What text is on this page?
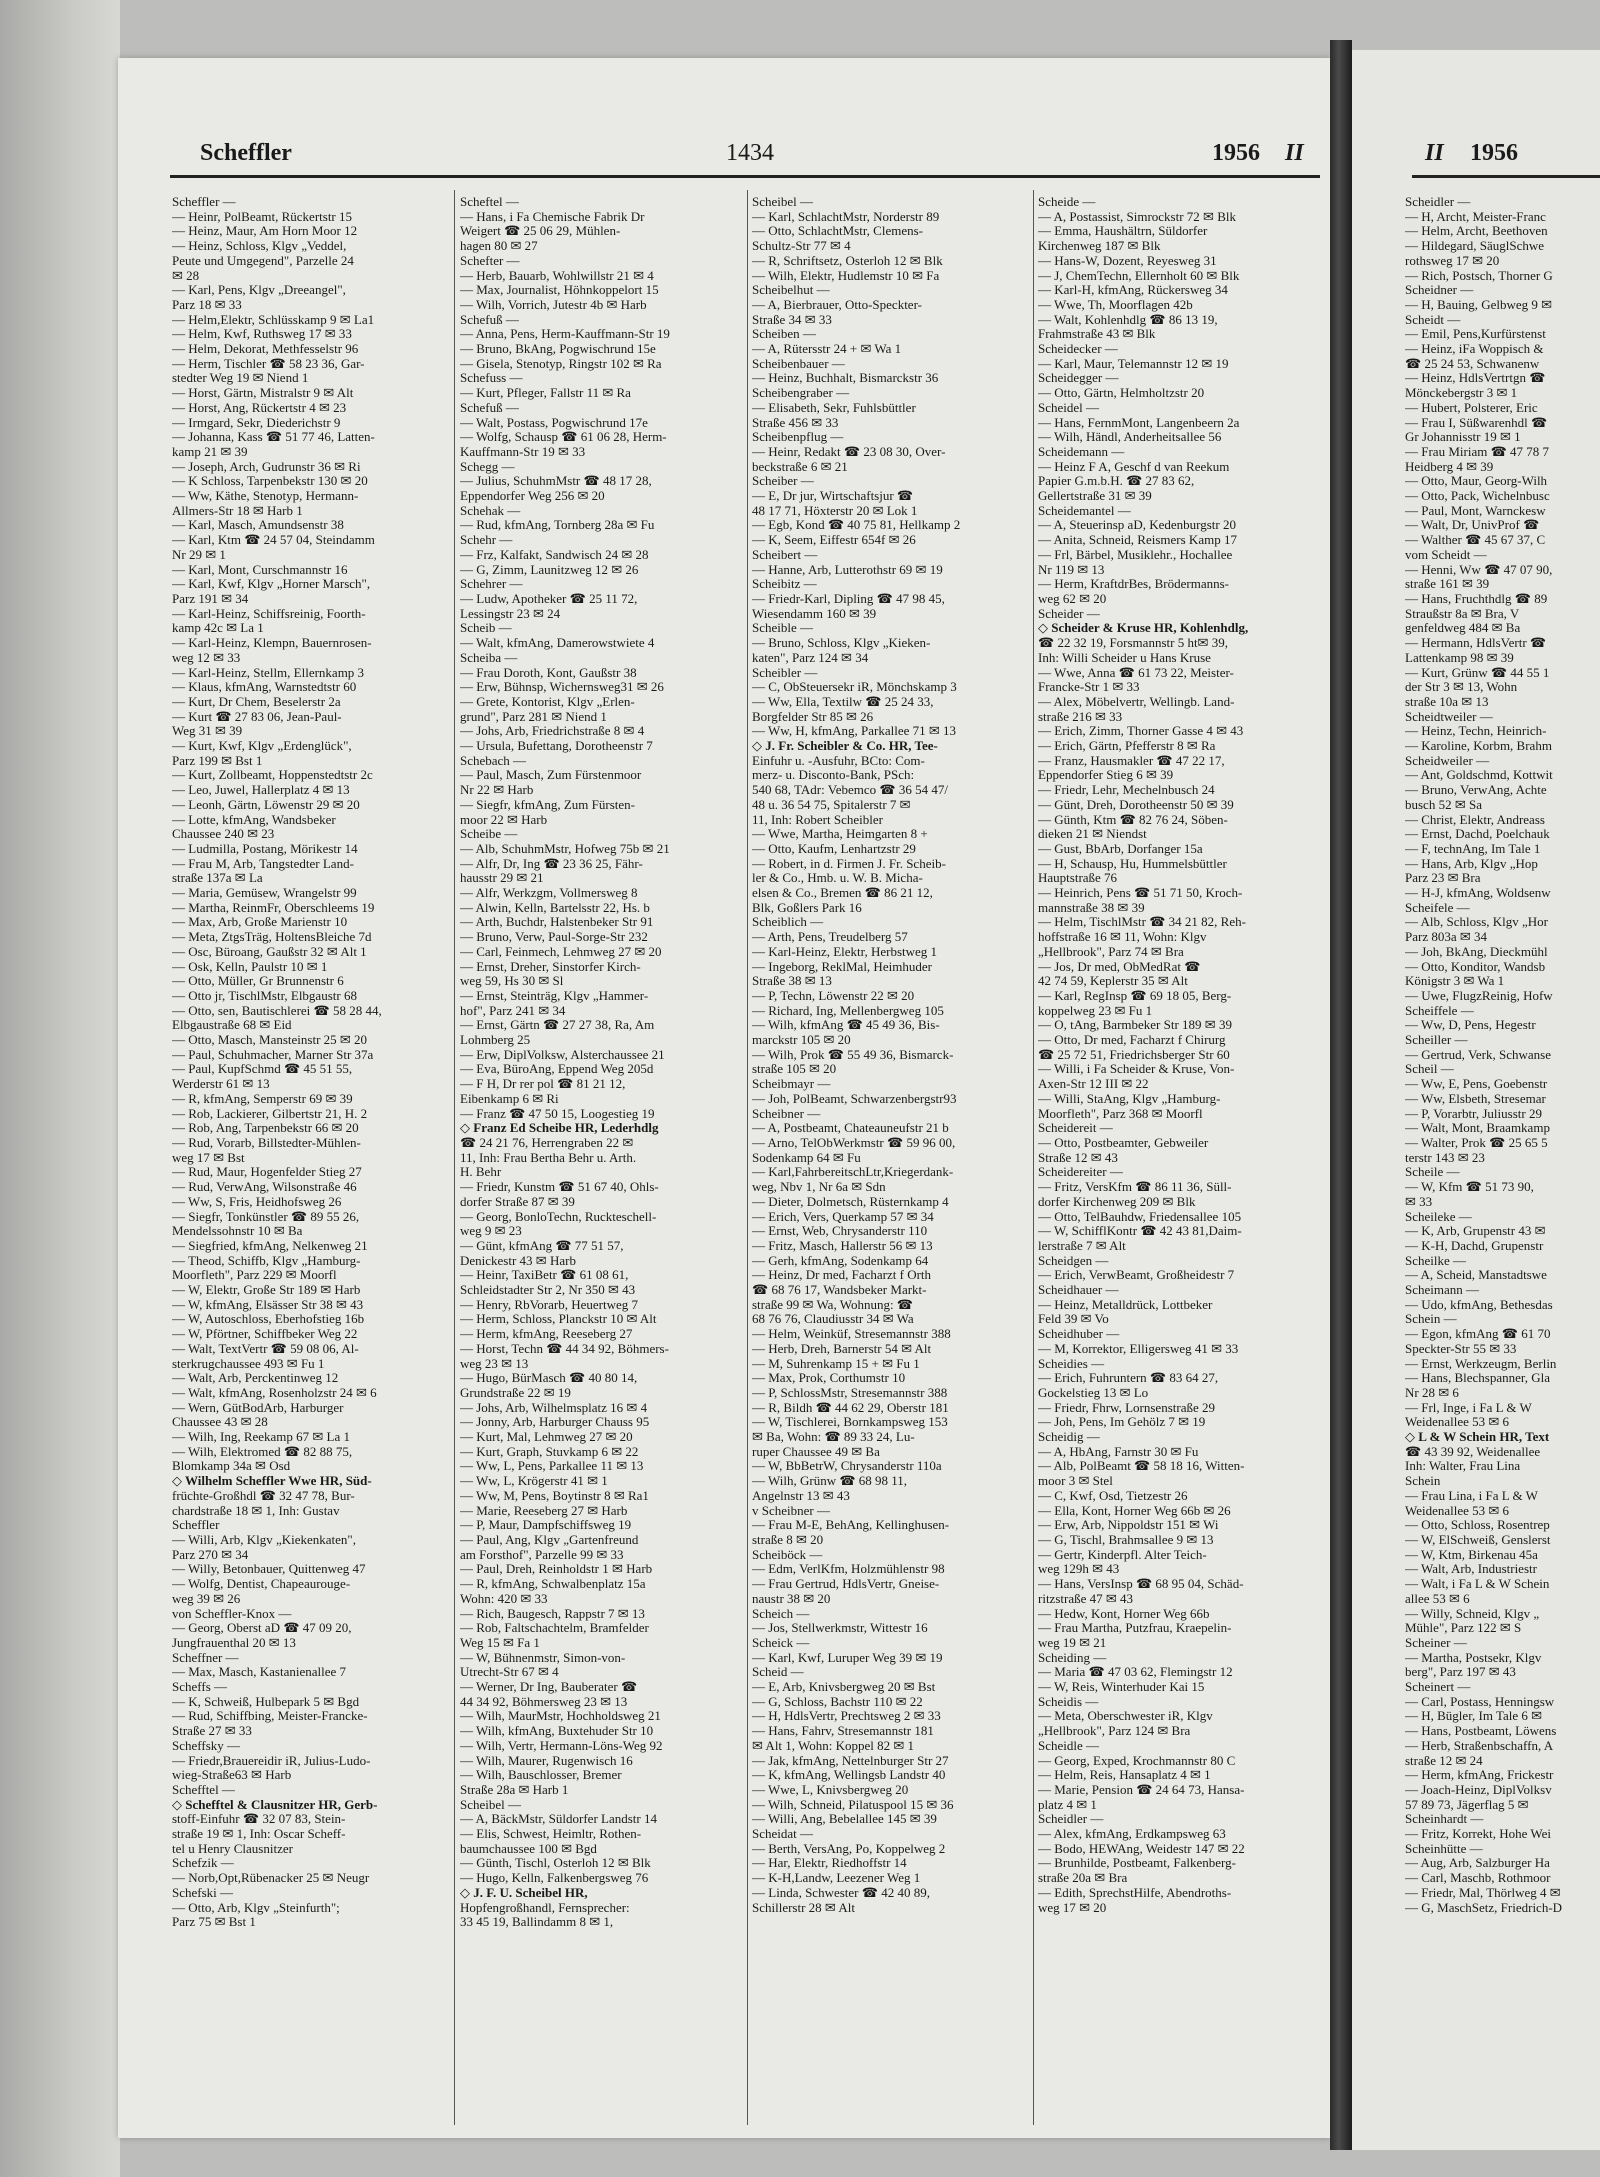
Scheffler	1434	1956 II	II 1956
Scheffler —
— Heinr, PolBeamt, Rückertstr 15
— Heinz, Maur, Am Horn Moor 12
— Heinz, Schloss, Klgv „Veddel,
Peute und Umgegend", Parzelle 24
✉ 28
— Karl, Pens, Klgv „Dreeangel",
Parz 18 ✉ 33
— Helm,Elektr, Schlüsskamp 9 ✉ La1
— Helm, Kwf, Ruthsweg 17 ✉ 33
— Helm, Dekorat, Methfesselstr 96
— Herm, Tischler ☎ 58 23 36, Gar-
stedter Weg 19 ✉ Niend 1
— Horst, Gärtn, Mistralstr 9 ✉ Alt
— Horst, Ang, Rückertstr 4 ✉ 23
— Irmgard, Sekr, Diederichstr 9
— Johanna, Kass ☎ 51 77 46, Latten-
kamp 21 ✉ 39
— Joseph, Arch, Gudrunstr 36 ✉ Ri
— K Schloss, Tarpenbekstr 130 ✉ 20
— Ww, Käthe, Stenotyp, Hermann-
Allmers-Str 18 ✉ Harb 1
— Karl, Masch, Amundsenstr 38
— Karl, Ktm ☎ 24 57 04, Steindamm
Nr 29 ✉ 1
— Karl, Mont, Curschmannstr 16
— Karl, Kwf, Klgv „Horner Marsch",
Parz 191 ✉ 34
— Karl-Heinz, Schiffsreinig, Foorth-
kamp 42c ✉ La 1
— Karl-Heinz, Klempn, Bauernrosen-
weg 12 ✉ 33
— Karl-Heinz, Stellm, Ellernkamp 3
— Klaus, kfmAng, Warnstedtstr 60
— Kurt, Dr Chem, Beselerstr 2a
— Kurt ☎ 27 83 06, Jean-Paul-
Weg 31 ✉ 39
— Kurt, Kwf, Klgv „Erdenglück",
Parz 199 ✉ Bst 1
— Kurt, Zollbeamt, Hoppenstedtstr 2c
— Leo, Juwel, Hallerplatz 4 ✉ 13
— Leonh, Gärtn, Löwenstr 29 ✉ 20
— Lotte, kfmAng, Wandsbeker
Chaussee 240 ✉ 23
— Ludmilla, Postang, Mörikestr 14
— Frau M, Arb, Tangstedter Land-
straße 137a ✉ La
— Maria, Gemüsew, Wrangelstr 99
— Martha, ReinmFr, Oberschleems 19
— Max, Arb, Große Marienstr 10
— Meta, ZtgsTräg, HoltensBleiche 7d
— Osc, Büroang, Gaußstr 32 ✉ Alt 1
— Osk, Kelln, Paulstr 10 ✉ 1
— Otto, Müller, Gr Brunnenstr 6
— Otto jr, TischlMstr, Elbgaustr 68
— Otto, sen, Bautischlerei ☎ 58 28 44,
Elbgaustraße 68 ✉ Eid
— Otto, Masch, Mansteinstr 25 ✉ 20
— Paul, Schuhmacher, Marner Str 37a
— Paul, KupfSchmd ☎ 45 51 55,
Werderstr 61 ✉ 13
— R, kfmAng, Semperstr 69 ✉ 39
— Rob, Lackierer, Gilbertstr 21, H. 2
— Rob, Ang, Tarpenbekstr 66 ✉ 20
— Rud, Vorarb, Billstedter-Mühlen-
weg 17 ✉ Bst
— Rud, Maur, Hogenfelder Stieg 27
— Rud, VerwAng, Wilsonstraße 46
— Ww, S, Fris, Heidhofsweg 26
— Siegfr, Tonkünstler ☎ 89 55 26,
Mendelssohnstr 10 ✉ Ba
— Siegfried, kfmAng, Nelkenweg 21
— Theod, Schiffb, Klgv „Hamburg-
Moorfleth", Parz 229 ✉ Moorfl
— W, Elektr, Große Str 189 ✉ Harb
— W, kfmAng, Elsässer Str 38 ✉ 43
— W, Autoschloss, Eberhofstieg 16b
— W, Pförtner, Schiffbeker Weg 22
— Walt, TextVertr ☎ 59 08 06, Al-
sterkrugchaussee 493 ✉ Fu 1
— Walt, Arb, Perckentinweg 12
— Walt, kfmAng, Rosenholzstr 24 ✉ 6
— Wern, GütBodArb, Harburger
Chaussee 43 ✉ 28
— Wilh, Ing, Reekamp 67 ✉ La 1
— Wilh, Elektromed ☎ 82 88 75,
Blomkamp 34a ✉ Osd
◇ Wilhelm Scheffler Wwe HR, Süd-
früchte-Großhdl ☎ 32 47 78, Bur-
chardstraße 18 ✉ 1, Inh: Gustav
Scheffler
— Willi, Arb, Klgv „Kiekenkaten",
Parz 270 ✉ 34
— Willy, Betonbauer, Quittenweg 47
— Wolfg, Dentist, Chapeaurouge-
weg 39 ✉ 26
von Scheffler-Knox —
— Georg, Oberst aD ☎ 47 09 20,
Jungfrauenthal 20 ✉ 13
Scheffner —
— Max, Masch, Kastanienallee 7
Scheffs —
— K, Schweiß, Hulbepark 5 ✉ Bgd
— Rud, Schiffbing, Meister-Francke-
Straße 27 ✉ 33
Scheffsky —
— Friedr,Brauereidir iR, Julius-Ludo-
wieg-Straße63 ✉ Harb
Schefftel —
◇ Schefftel & Clausnitzer HR, Gerb-
stoff-Einfuhr ☎ 32 07 83, Stein-
straße 19 ✉ 1, Inh: Oscar Scheff-
tel u Henry Clausnitzer
Schefzik —
— Norb,Opt,Rübenacker 25 ✉ Neugr
Schefski —
— Otto, Arb, Klgv „Steinfurth";
Parz 75 ✉ Bst 1
Scheftel —
— Hans, i Fa Chemische Fabrik Dr
Weigert ☎ 25 06 29, Mühlen-
hagen 80 ✉ 27
Schefter —
— Herb, Bauarb, Wohlwillstr 21 ✉ 4
— Max, Journalist, Höhnkoppelort 15
— Wilh, Vorrich, Jutestr 4b ✉ Harb
Schefuß —
— Anna, Pens, Herm-Kauffmann-Str 19
— Bruno, BkAng, Pogwischrund 15e
— Gisela, Stenotyp, Ringstr 102 ✉ Ra
Schefuss —
— Kurt, Pfleger, Fallstr 11 ✉ Ra
Schefuß —
— Walt, Postass, Pogwischrund 17e
— Wolfg, Schausp ☎ 61 06 28, Herm-
Kauffmann-Str 19 ✉ 33
Schegg —
— Julius, SchuhmMstr ☎ 48 17 28,
Eppendorfer Weg 256 ✉ 20
Schehak —
— Rud, kfmAng, Tornberg 28a ✉ Fu
Schehr —
— Frz, Kalfakt, Sandwisch 24 ✉ 28
— G, Zimm, Launitzweg 12 ✉ 26
Schehrer —
— Ludw, Apotheker ☎ 25 11 72,
Lessingstr 23 ✉ 24
Scheib —
— Walt, kfmAng, Damerowstwiete 4
Scheiba —
— Frau Doroth, Kont, Gaußstr 38
— Erw, Bühnsp, Wichernsweg31 ✉ 26
— Grete, Kontorist, Klgv „Erlen-
grund", Parz 281 ✉ Niend 1
— Johs, Arb, Friedrichstraße 8 ✉ 4
— Ursula, Bufettang, Dorotheenstr 7
Schebach —
— Paul, Masch, Zum Fürstenmoor
Nr 22 ✉ Harb
— Siegfr, kfmAng, Zum Fürsten-
moor 22 ✉ Harb
Scheibe —
— Alb, SchuhmMstr, Hofweg 75b ✉ 21
— Alfr, Dr, Ing ☎ 23 36 25, Fähr-
hausstr 29 ✉ 21
— Alfr, Werkzgm, Vollmersweg 8
— Alwin, Kelln, Bartelsstr 22, Hs. b
— Arth, Buchdr, Halstenbeker Str 91
— Bruno, Verw, Paul-Sorge-Str 232
— Carl, Feinmech, Lehmweg 27 ✉ 20
— Ernst, Dreher, Sinstorfer Kirch-
weg 59, Hs 30 ✉ Sl
— Ernst, Steinträg, Klgv „Hammer-
hof", Parz 241 ✉ 34
— Ernst, Gärtn ☎ 27 27 38, Ra, Am
Lohmberg 25
— Erw, DiplVolksw, Alsterchaussee 21
— Eva, BüroAng, Eppend Weg 205d
— F H, Dr rer pol ☎ 81 21 12,
Eibenkamp 6 ✉ Ri
— Franz ☎ 47 50 15, Loogestieg 19
◇ Franz Ed Scheibe HR, Lederhdlg
☎ 24 21 76, Herrengraben 22 ✉
11, Inh: Frau Bertha Behr u. Arth.
H. Behr
— Friedr, Kunstm ☎ 51 67 40, Ohls-
dorfer Straße 87 ✉ 39
— Georg, BonloTechn, Ruckteschell-
weg 9 ✉ 23
— Günt, kfmAng ☎ 77 51 57,
Denickestr 43 ✉ Harb
— Heinr, TaxiBetr ☎ 61 08 61,
Schleidstadter Str 2, Nr 350 ✉ 43
— Henry, RbVorarb, Heuertweg 7
— Herm, Schloss, Planckstr 10 ✉ Alt
— Herm, kfmAng, Reeseberg 27
— Horst, Techn ☎ 44 34 92, Böhmers-
weg 23 ✉ 13
— Hugo, BürMasch ☎ 40 80 14,
Grundstraße 22 ✉ 19
— Johs, Arb, Wilhelmsplatz 16 ✉ 4
— Jonny, Arb, Harburger Chauss 95
— Kurt, Mal, Lehmweg 27 ✉ 20
— Kurt, Graph, Stuvkamp 6 ✉ 22
— Ww, L, Pens, Parkallee 11 ✉ 13
— Ww, L, Krögerstr 41 ✉ 1
— Ww, M, Pens, Boytinstr 8 ✉ Ra1
— Marie, Reeseberg 27 ✉ Harb
— P, Maur, Dampfschiffsweg 19
— Paul, Ang, Klgv „Gartenfreund
am Forsthof", Parzelle 99 ✉ 33
— Paul, Dreh, Reinholdstr 1 ✉ Harb
— R, kfmAng, Schwalbenplatz 15a
Wohn: 420 ✉ 33
— Rich, Baugesch, Rappstr 7 ✉ 13
— Rob, Faltschachtelm, Bramfelder
Weg 15 ✉ Fa 1
— W, Bühnenmstr, Simon-von-
Utrecht-Str 67 ✉ 4
— Werner, Dr Ing, Bauberater ☎
44 34 92, Böhmersweg 23 ✉ 13
— Wilh, MaurMstr, Hochholdsweg 21
— Wilh, kfmAng, Buxtehuder Str 10
— Wilh, Vertr, Hermann-Löns-Weg 92
— Wilh, Maurer, Rugenwisch 16
— Wilh, Bauschlosser, Bremer
Straße 28a ✉ Harb 1
Scheibel —
— A, BäckMstr, Süldorfer Landstr 14
— Elis, Schwest, Heimltr, Rothen-
baumchaussee 100 ✉ Bgd
— Günth, Tischl, Osterloh 12 ✉ Blk
— Hugo, Kelln, Falkenbergsweg 76
◇ J. F. U. Scheibel HR,
Hopfengroßhandl, Fernsprecher:
33 45 19, Ballindamm 8 ✉ 1,
Scheibel —
— Karl, SchlachtMstr, Norderstr 89
— Otto, SchlachtMstr, Clemens-
Schultz-Str 77 ✉ 4
— R, Schriftsetz, Osterloh 12 ✉ Blk
— Wilh, Elektr, Hudlemstr 10 ✉ Fa
Scheibelhut —
— A, Bierbrauer, Otto-Speckter-
Straße 34 ✉ 33
Scheiben —
— A, Rütersstr 24 + ✉ Wa 1
Scheibenbauer —
— Heinz, Buchhalt, Bismarckstr 36
Scheibengraber —
— Elisabeth, Sekr, Fuhlsbüttler
Straße 456 ✉ 33
Scheibenpflug —
— Heinr, Redakt ☎ 23 08 30, Over-
beckstraße 6 ✉ 21
Scheiber —
— E, Dr jur, Wirtschaftsjur ☎
48 17 71, Höxterstr 20 ✉ Lok 1
— Egb, Kond ☎ 40 75 81, Hellkamp 2
— K, Seem, Eiffestr 654f ✉ 26
Scheibert —
— Hanne, Arb, Lutterothstr 69 ✉ 19
Scheibitz —
— Friedr-Karl, Dipling ☎ 47 98 45,
Wiesendamm 160 ✉ 39
Scheible —
— Bruno, Schloss, Klgv „Kieken-
katen", Parz 124 ✉ 34
Scheibler —
— C, ObSteuersekr iR, Mönchskamp 3
— Ww, Ella, Textilw ☎ 25 24 33,
Borgfelder Str 85 ✉ 26
— Ww, H, kfmAng, Parkallee 71 ✉ 13
◇ J. Fr. Scheibler & Co. HR, Tee-
Einfuhr u. -Ausfuhr, BCto: Com-
merz- u. Disconto-Bank, PSch:
540 68, TAdr: Vebemco ☎ 36 54 47/
48 u. 36 54 75, Spitalerstr 7 ✉
11, Inh: Robert Scheibler
— Wwe, Martha, Heimgarten 8 +
— Otto, Kaufm, Lenhartzstr 29
— Robert, in d. Firmen J. Fr. Scheib-
ler & Co., Hmb. u. W. B. Micha-
elsen & Co., Bremen ☎ 86 21 12,
Blk, Goßlers Park 16
Scheiblich —
— Arth, Pens, Treudelberg 57
— Karl-Heinz, Elektr, Herbstweg 1
— Ingeborg, ReklMal, Heimhuder
Straße 38 ✉ 13
— P, Techn, Löwenstr 22 ✉ 20
— Richard, Ing, Mellenbergweg 105
— Wilh, kfmAng ☎ 45 49 36, Bis-
marckstr 105 ✉ 20
— Wilh, Prok ☎ 55 49 36, Bismarck-
straße 105 ✉ 20
Scheibmayr —
— Joh, PolBeamt, Schwarzenbergstr93
Scheibner —
— A, Postbeamt, Chateauneufstr 21 b
— Arno, TelObWerkmstr ☎ 59 96 00,
Sodenkamp 64 ✉ Fu
— Karl,FahrbereitschLtr,Kriegerdank-
weg, Nbv 1, Nr 6a ✉ Sdn
— Dieter, Dolmetsch, Rüsternkamp 4
— Erich, Vers, Querkamp 57 ✉ 34
— Ernst, Web, Chrysanderstr 110
— Fritz, Masch, Hallerstr 56 ✉ 13
— Gerh, kfmAng, Sodenkamp 64
— Heinz, Dr med, Facharzt f Orth
☎ 68 76 17, Wandsbeker Markt-
straße 99 ✉ Wa, Wohnung: ☎
68 76 76, Claudiusstr 34 ✉ Wa
— Helm, Weinküf, Stresemannstr 388
— Herb, Dreh, Barnerstr 54 ✉ Alt
— M, Suhrenkamp 15 + ✉ Fu 1
— Max, Prok, Corthumstr 10
— P, SchlossMstr, Stresemannstr 388
— R, Bildh ☎ 44 62 29, Oberstr 181
— W, Tischlerei, Bornkampsweg 153
✉ Ba, Wohn: ☎ 89 33 24, Lu-
ruper Chaussee 49 ✉ Ba
— W, BbBetrW, Chrysanderstr 110a
— Wilh, Grünw ☎ 68 98 11,
Angelnstr 13 ✉ 43
v Scheibner —
— Frau M-E, BehAng, Kellinghusen-
straße 8 ✉ 20
Scheiböck —
— Edm, VerlKfm, Holzmühlenstr 98
— Frau Gertrud, HdlsVertr, Gneise-
naustr 38 ✉ 20
Scheich —
— Jos, Stellwerkmstr, Wittestr 16
Scheick —
— Karl, Kwf, Luruper Weg 39 ✉ 19
Scheid —
— E, Arb, Knivsbergweg 20 ✉ Bst
— G, Schloss, Bachstr 110 ✉ 22
— H, HdlsVertr, Prechtsweg 2 ✉ 33
— Hans, Fahrv, Stresemannstr 181
✉ Alt 1, Wohn: Koppel 82 ✉ 1
— Jak, kfmAng, Nettelnburger Str 27
— K, kfmAng, Wellingsb Landstr 40
— Wwe, L, Knivsbergweg 20
— Wilh, Schneid, Pilatuspool 15 ✉ 36
— Willi, Ang, Bebelallee 145 ✉ 39
Scheidat —
— Berth, VersAng, Po, Koppelweg 2
— Har, Elektr, Riedhoffstr 14
— K-H,Landw, Leezener Weg 1
— Linda, Schwester ☎ 42 40 89,
Schillerstr 28 ✉ Alt
Scheide —
— A, Postassist, Simrockstr 72 ✉ Blk
— Emma, Haushältrn, Süldorfer
Kirchenweg 187 ✉ Blk
— Hans-W, Dozent, Reyesweg 31
— J, ChemTechn, Ellernholt 60 ✉ Blk
— Karl-H, kfmAng, Rückersweg 34
— Wwe, Th, Moorflagen 42b
— Walt, Kohlenhdlg ☎ 86 13 19,
Frahmstraße 43 ✉ Blk
Scheidecker —
— Karl, Maur, Telemannstr 12 ✉ 19
Scheidegger —
— Otto, Gärtn, Helmholtzstr 20
Scheidel —
— Hans, FernmMont, Langenbeern 2a
— Wilh, Händl, Anderheitsallee 56
Scheidemann —
— Heinz F A, Geschf d van Reekum
Papier G.m.b.H. ☎ 27 83 62,
Gellertstraße 31 ✉ 39
Scheidemantel —
— A, Steuerinsp aD, Kedenburgstr 20
— Anita, Schneid, Reismers Kamp 17
— Frl, Bärbel, Musiklehr., Hochallee
Nr 119 ✉ 13
— Herm, KraftdrBes, Brödermanns-
weg 62 ✉ 20
Scheider —
◇ Scheider & Kruse HR, Kohlenhdlg,
☎ 22 32 19, Forsmannstr 5 ht✉ 39,
Inh: Willi Scheider u Hans Kruse
— Wwe, Anna ☎ 61 73 22, Meister-
Francke-Str 1 ✉ 33
— Alex, Möbelvertr, Wellingb. Land-
straße 216 ✉ 33
— Erich, Zimm, Thorner Gasse 4 ✉ 43
— Erich, Gärtn, Pfefferstr 8 ✉ Ra
— Franz, Hausmakler ☎ 47 22 17,
Eppendorfer Stieg 6 ✉ 39
— Friedr, Lehr, Mechelnbusch 24
— Günt, Dreh, Dorotheenstr 50 ✉ 39
— Günth, Ktm ☎ 82 76 24, Söben-
dieken 21 ✉ Niendst
— Gust, BbArb, Dorfanger 15a
— H, Schausp, Hu, Hummelsbüttler
Hauptstraße 76
— Heinrich, Pens ☎ 51 71 50, Kroch-
mannstraße 38 ✉ 39
— Helm, TischlMstr ☎ 34 21 82, Reh-
hoffstraße 16 ✉ 11, Wohn: Klgv
„Hellbrook", Parz 74 ✉ Bra
— Jos, Dr med, ObMedRat ☎
42 74 59, Keplerstr 35 ✉ Alt
— Karl, RegInsp ☎ 69 18 05, Berg-
koppelweg 23 ✉ Fu 1
— O, tAng, Barmbeker Str 189 ✉ 39
— Otto, Dr med, Facharzt f Chirurg
☎ 25 72 51, Friedrichsberger Str 60
— Willi, i Fa Scheider & Kruse, Von-
Axen-Str 12 III ✉ 22
— Willi, StaAng, Klgv „Hamburg-
Moorfleth", Parz 368 ✉ Moorfl
Scheidereit —
— Otto, Postbeamter, Gebweiler
Straße 12 ✉ 43
Scheidereiter —
— Fritz, VersKfm ☎ 86 11 36, Süll-
dorfer Kirchenweg 209 ✉ Blk
— Otto, TelBauhdw, Friedensallee 105
— W, SchifflKontr ☎ 42 43 81,Daim-
lerstraße 7 ✉ Alt
Scheidgen —
— Erich, VerwBeamt, Großheidestr 7
Scheidhauer —
— Heinz, Metalldrück, Lottbeker
Feld 39 ✉ Vo
Scheidhuber —
— M, Korrektor, Elligersweg 41 ✉ 33
Scheidies —
— Erich, Fuhruntern ☎ 83 64 27,
Gockelstieg 13 ✉ Lo
— Friedr, Fhrw, Lornsenstraße 29
— Joh, Pens, Im Gehölz 7 ✉ 19
Scheidig —
— A, HbAng, Farnstr 30 ✉ Fu
— Alb, PolBeamt ☎ 58 18 16, Witten-
moor 3 ✉ Stel
— C, Kwf, Osd, Tietzestr 26
— Ella, Kont, Horner Weg 66b ✉ 26
— Erw, Arb, Nippoldstr 151 ✉ Wi
— G, Tischl, Brahmsallee 9 ✉ 13
— Gertr, Kinderpfl. Alter Teich-
weg 129h ✉ 43
— Hans, VersInsp ☎ 68 95 04, Schäd-
ritzstraße 47 ✉ 43
— Hedw, Kont, Horner Weg 66b
— Frau Martha, Putzfrau, Kraepelin-
weg 19 ✉ 21
Scheiding —
— Maria ☎ 47 03 62, Flemingstr 12
— W, Reis, Winterhuder Kai 15
Scheidis —
— Meta, Oberschwester iR, Klgv
„Hellbrook", Parz 124 ✉ Bra
Scheidle —
— Georg, Exped, Krochmannstr 80 C
— Helm, Reis, Hansaplatz 4 ✉ 1
— Marie, Pension ☎ 24 64 73, Hansa-
platz 4 ✉ 1
Scheidler —
— Alex, kfmAng, Erdkampsweg 63
— Bodo, HEWAng, Weidestr 147 ✉ 22
— Brunhilde, Postbeamt, Falkenberg-
straße 20a ✉ Bra
— Edith, SprechstHilfe, Abendroths-
weg 17 ✉ 20
Scheidler —
— H, Archt, Meister-Franc
— Helm, Archt, Beethoven
— Hildegard, SäuglSchwe
rothsweg 17 ✉ 20
— Rich, Postsch, Thorner G
Scheidner —
— H, Bauing, Gelbweg 9 ✉
Scheidt —
— Emil, Pens,Kurfürstenst
— Heinz, iFa Woppisch &
☎ 25 24 53, Schwanenw
— Heinz, HdlsVertrtgn ☎
Mönckebergstr 3 ✉ 1
— Hubert, Polsterer, Eric
— Frau I, Süßwarenhdl ☎
Gr Johannisstr 19 ✉ 1
— Frau Miriam ☎ 47 78 7
Heidberg 4 ✉ 39
— Otto, Maur, Georg-Wilh
— Otto, Pack, Wichelnbusc
— Paul, Mont, Warnckesw
— Walt, Dr, UnivProf ☎
— Walther ☎ 45 67 37, C
vom Scheidt —
— Henni, Ww ☎ 47 07 90,
straße 161 ✉ 39
— Hans, Fruchthdlg ☎ 89
Straußstr 8a ✉ Bra, V
genfeldweg 484 ✉ Ba
— Hermann, HdlsVertr ☎
Lattenkamp 98 ✉ 39
— Kurt, Grünw ☎ 44 55 1
der Str 3 ✉ 13, Wohn
straße 10a ✉ 13
Scheidtweiler —
— Heinz, Techn, Heinrich-
— Karoline, Korbm, Brahm
Scheidweiler —
— Ant, Goldschmd, Kottwit
— Bruno, VerwAng, Achte
busch 52 ✉ Sa
— Christ, Elektr, Andreass
— Ernst, Dachd, Poelchauk
— F, technAng, Im Tale 1
— Hans, Arb, Klgv „Hop
Parz 23 ✉ Bra
— H-J, kfmAng, Woldsenw
Scheifele —
— Alb, Schloss, Klgv „Hor
Parz 803a ✉ 34
— Joh, BkAng, Dieckmühl
— Otto, Konditor, Wandsb
Königstr 3 ✉ Wa 1
— Uwe, FlugzReinig, Hofw
Scheiffele —
— Ww, D, Pens, Hegestr
Scheiller —
— Gertrud, Verk, Schwanse
Scheil —
— Ww, E, Pens, Goebenstr
— Ww, Elsbeth, Stresemar
— P, Vorarbtr, Juliusstr 29
— Walt, Mont, Braamkamp
— Walter, Prok ☎ 25 65 5
terstr 143 ✉ 23
Scheile —
— W, Kfm ☎ 51 73 90,
✉ 33
Scheileke —
— K, Arb, Grupenstr 43 ✉
— K-H, Dachd, Grupenstr
Scheilke —
— A, Scheid, Manstadtswe
Scheimann —
— Udo, kfmAng, Bethesdas
Schein —
— Egon, kfmAng ☎ 61 70
Speckter-Str 55 ✉ 33
— Ernst, Werkzeugm, Berlin
— Hans, Blechspanner, Gla
Nr 28 ✉ 6
— Frl, Inge, i Fa L & W
Weidenallee 53 ✉ 6
◇ L & W Schein HR, Text
☎ 43 39 92, Weidenallee
Inh: Walter, Frau Lina
Schein
— Frau Lina, i Fa L & W
Weidenallee 53 ✉ 6
— Otto, Schloss, Rosentrep
— W, ElSchweiß, Genslerst
— W, Ktm, Birkenau 45a
— Walt, Arb, Industriestr
— Walt, i Fa L & W Schein
allee 53 ✉ 6
— Willy, Schneid, Klgv „
Mühle", Parz 122 ✉ S
Scheiner —
— Martha, Postsekr, Klgv
berg", Parz 197 ✉ 43
Scheinert —
— Carl, Postass, Henningsw
— H, Bügler, Im Tale 6 ✉
— Hans, Postbeamt, Löwens
— Herb, Straßenbschaffn, A
straße 12 ✉ 24
— Herm, kfmAng, Frickestr
— Joach-Heinz, DiplVolksv
57 89 73, Jägerflag 5 ✉
Scheinhardt —
— Fritz, Korrekt, Hohe Wei
Scheinhütte —
— Aug, Arb, Salzburger Ha
— Carl, Maschb, Rothmoor
— Friedr, Mal, Thörlweg 4 ✉
— G, MaschSetz, Friedrich-D
